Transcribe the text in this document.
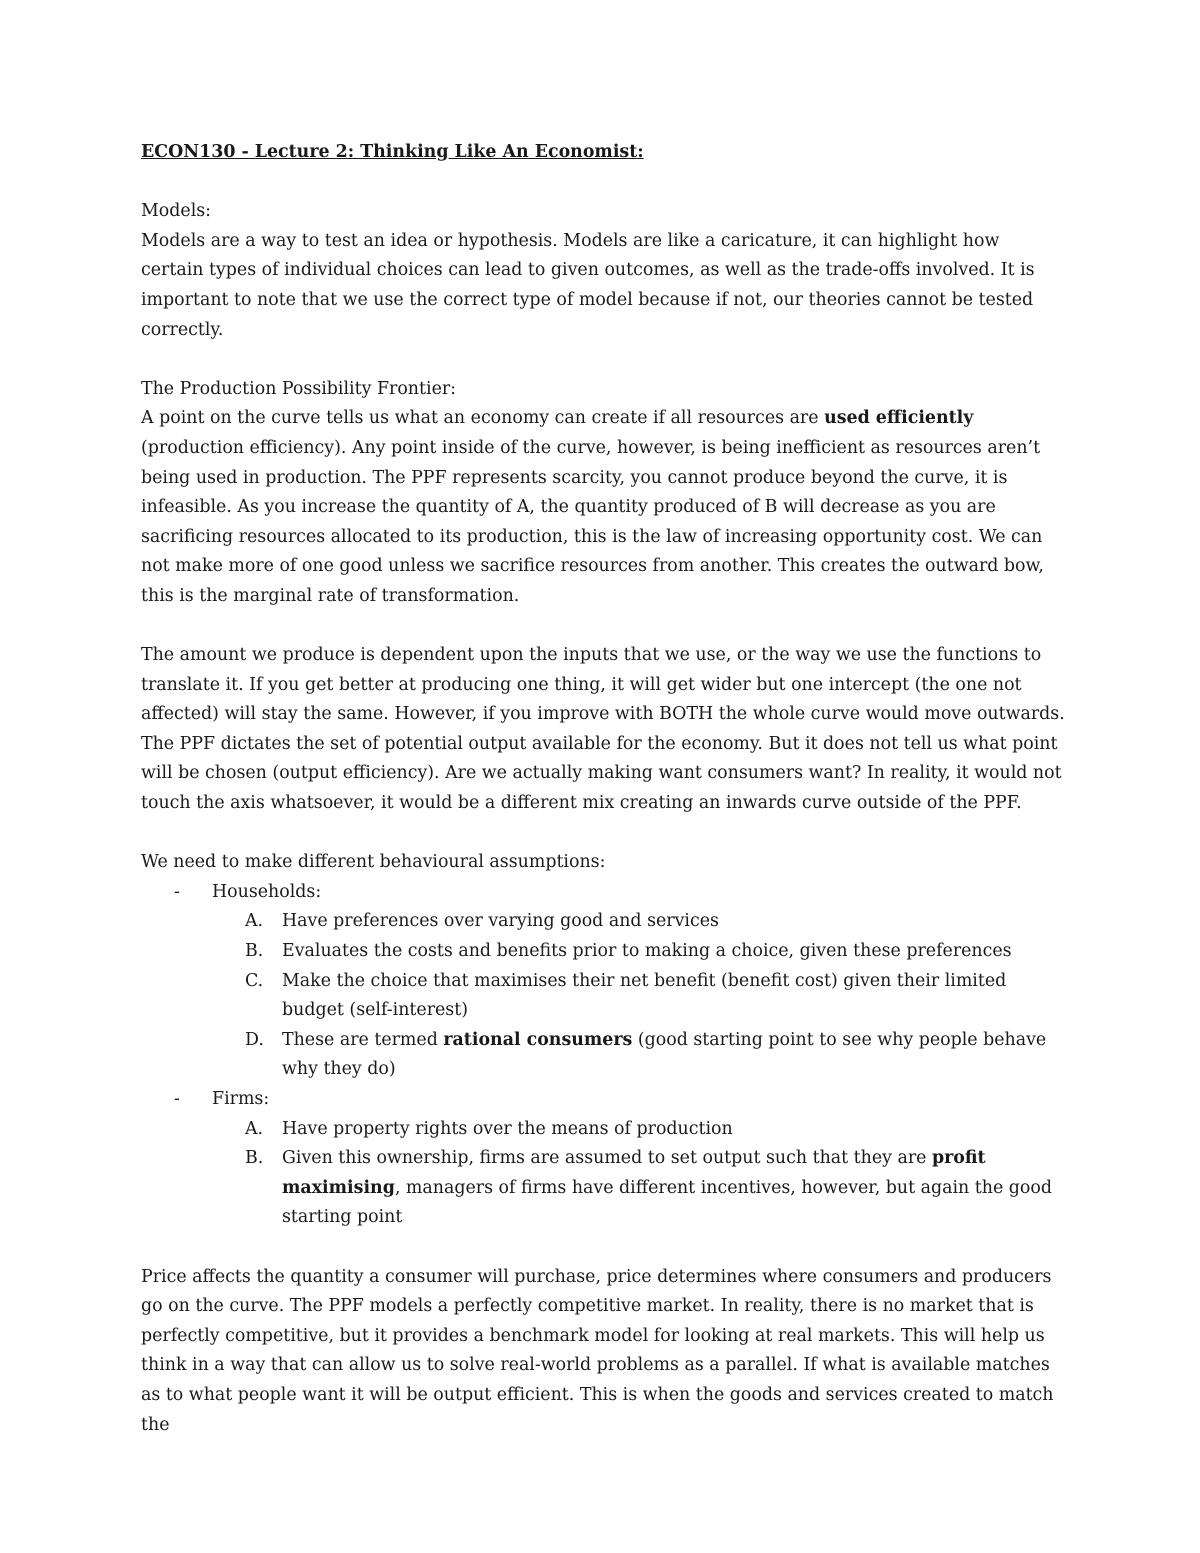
ECON130 - Lecture 2: Thinking Like An Economist:

Models:

Models are a way to test an idea or hypothesis. Models are like a caricature, it can highlight how certain types of individual choices can lead to given outcomes, as well as the trade-offs involved. It is important to note that we use the correct type of model because if not, our theories cannot be tested correctly.

The Production Possibility Frontier:

A point on the curve tells us what an economy can create if all resources are used efficiently (production efficiency). Any point inside of the curve, however, is being inefficient as resources aren’t being used in production. The PPF represents scarcity, you cannot produce beyond the curve, it is infeasible. As you increase the quantity of A, the quantity produced of B will decrease as you are sacrificing resources allocated to its production, this is the law of increasing opportunity cost. We can not make more of one good unless we sacrifice resources from another. This creates the outward bow, this is the marginal rate of transformation.

The amount we produce is dependent upon the inputs that we use, or the way we use the functions to translate it. If you get better at producing one thing, it will get wider but one intercept (the one not affected) will stay the same. However, if you improve with BOTH the whole curve would move outwards. The PPF dictates the set of potential output available for the economy. But it does not tell us what point will be chosen (output efficiency). Are we actually making want consumers want? In reality, it would not touch the axis whatsoever, it would be a different mix creating an inwards curve outside of the PPF.

We need to make different behavioural assumptions:

- Households:
A. Have preferences over varying good and services
B. Evaluates the costs and benefits prior to making a choice, given these preferences
C. Make the choice that maximises their net benefit (benefit cost) given their limited budget (self-interest)
D. These are termed rational consumers (good starting point to see why people behave why they do)
- Firms:
A. Have property rights over the means of production
B. Given this ownership, firms are assumed to set output such that they are profit maximising, managers of firms have different incentives, however, but again the good starting point

Price affects the quantity a consumer will purchase, price determines where consumers and producers go on the curve. The PPF models a perfectly competitive market. In reality, there is no market that is perfectly competitive, but it provides a benchmark model for looking at real markets. This will help us think in a way that can allow us to solve real-world problems as a parallel. If what is available matches as to what people want it will be output efficient. This is when the goods and services created to match the
